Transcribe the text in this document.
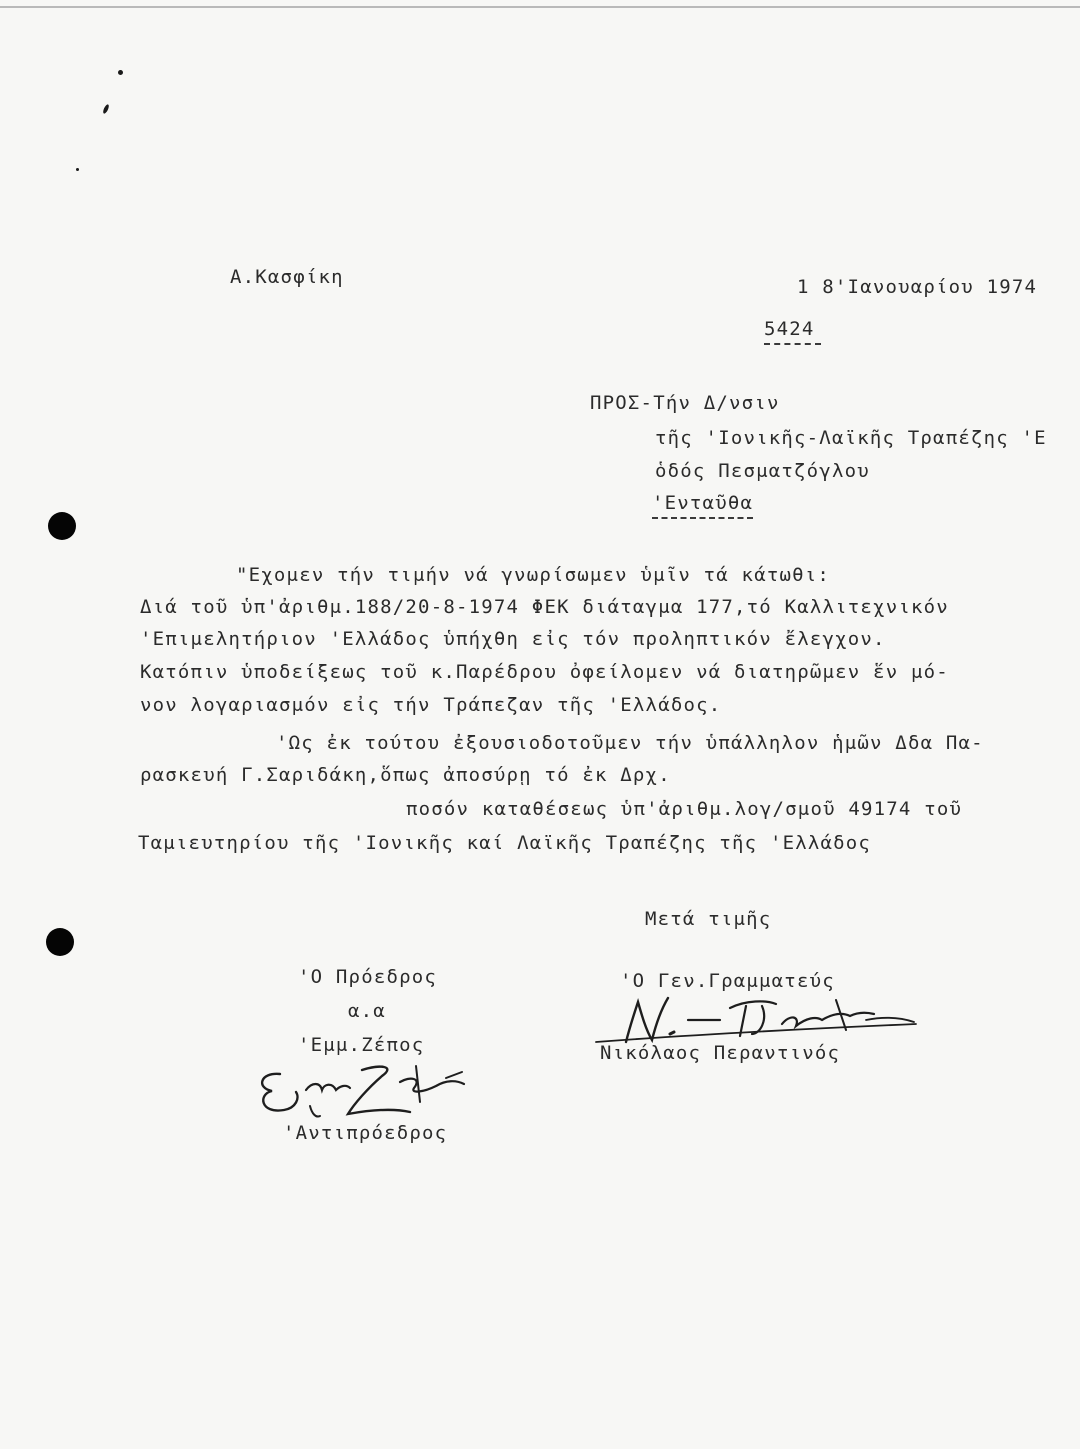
Α.Κασφίκη	1 8'Ιανουαρίου 1974
5424
ΠΡΟΣ-Τήν Δ/νσιν
τῆς 'Ιονικῆς-Λαϊκῆς Τραπέζης 'Ε
ὁδός Πεσματζόγλου
'Ενταῦθα
"Εχομεν τήν τιμήν νά γνωρίσωμεν ὑμῖν τά κάτωθι:
Διά τοῦ ὑπ'ἀριθμ.188/20-8-1974 ΦΕΚ διάταγμα 177,τό Καλλιτεχνικόν
'Επιμελητήριον 'Ελλάδος ὑπήχθη εἰς τόν προληπτικόν ἔλεγχον.
Κατόπιν ὑποδείξεως τοῦ κ.Παρέδρου ὀφείλομεν νά διατηρῶμεν ἕν μό-
νον λογαριασμόν εἰς τήν Τράπεζαν τῆς 'Ελλάδος.
'Ως ἐκ τούτου ἐξουσιοδοτοῦμεν τήν ὑπάλληλον ἡμῶν Δδα Πα-
ρασκευή Γ.Σαριδάκη,ὅπως ἀποσύρῃ τό ἐκ Δρχ.
ποσόν καταθέσεως ὑπ'ἀριθμ.λογ/σμοῦ 49174 τοῦ
Ταμιευτηρίου τῆς 'Ιονικῆς καί Λαϊκῆς Τραπέζης τῆς 'Ελλάδος
Μετά τιμῆς
'Ο Πρόεδρος
α.α
'Εμμ.Ζέπος
'Αντιπρόεδρος
'Ο Γεν.Γραμματεύς
Νικόλαος Περαντινός
